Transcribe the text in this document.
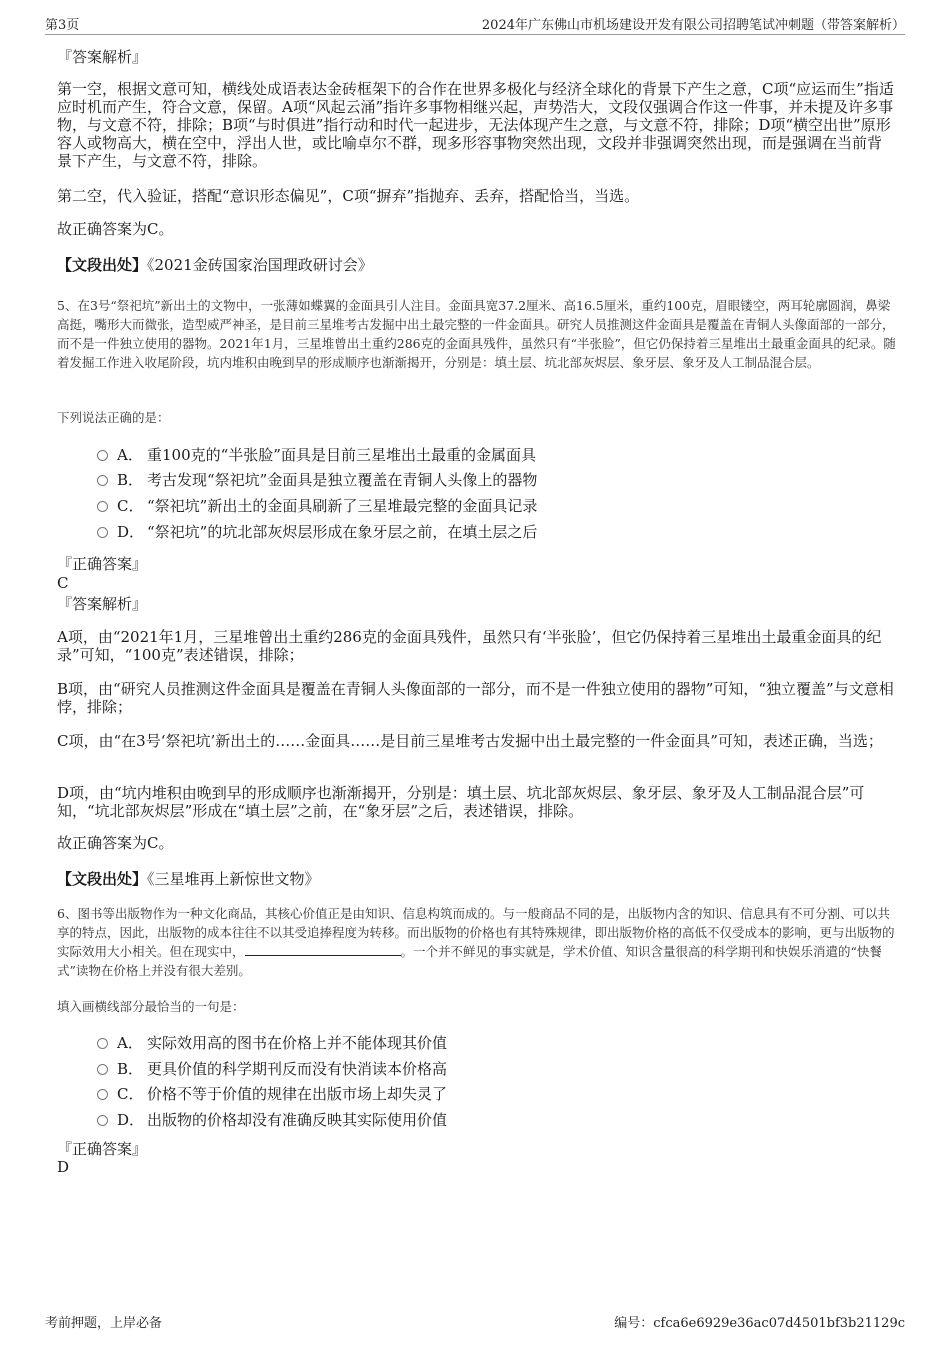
第3页	2024年广东佛山市机场建设开发有限公司招聘笔试冲刺题（带答案解析）

『答案解析』

第一空，根据文意可知，横线处成语表达金砖框架下的合作在世界多极化与经济全球化的背景下产生之意，C项“应运而生”指适应时机而产生，符合文意，保留。A项“风起云涌”指许多事物相继兴起，声势浩大，文段仅强调合作这一件事，并未提及许多事物，与文意不符，排除；B项“与时俱进”指行动和时代一起进步，无法体现产生之意，与文意不符，排除；D项“横空出世”原形容人或物高大，横在空中，浮出人世，或比喻卓尔不群，现多形容事物突然出现，文段并非强调突然出现，而是强调在当前背景下产生，与文意不符，排除。

第二空，代入验证，搭配“意识形态偏见”，C项“摒弃”指抛弃、丢弃，搭配恰当，当选。

故正确答案为C。

【文段出处】《2021金砖国家治国理政研讨会》

5、在3号“祭祀坑”新出土的文物中，一张薄如蝶翼的金面具引人注目。金面具宽37.2厘米、高16.5厘米，重约100克，眉眼镂空，两耳轮廓圆润，鼻梁高挺，嘴形大而微张，造型威严神圣，是目前三星堆考古发掘中出土最完整的一件金面具。研究人员推测这件金面具是覆盖在青铜人头像面部的一部分，而不是一件独立使用的器物。2021年1月，三星堆曾出土重约286克的金面具残件，虽然只有“半张脸”，但它仍保持着三星堆出土最重金面具的纪录。随着发掘工作进入收尾阶段，坑内堆积由晚到早的形成顺序也渐渐揭开，分别是：填土层、坑北部灰烬层、象牙层、象牙及人工制品混合层。

下列说法正确的是：

A． 重100克的“半张脸”面具是目前三星堆出土最重的金属面具
B． 考古发现“祭祀坑”金面具是独立覆盖在青铜人头像上的器物
C． “祭祀坑”新出土的金面具刷新了三星堆最完整的金面具记录
D． “祭祀坑”的坑北部灰烬层形成在象牙层之前，在填土层之后

『正确答案』

C

『答案解析』

A项，由“2021年1月，三星堆曾出土重约286克的金面具残件，虽然只有‘半张脸’，但它仍保持着三星堆出土最重金面具的纪录”可知，“100克”表述错误，排除；

B项，由“研究人员推测这件金面具是覆盖在青铜人头像面部的一部分，而不是一件独立使用的器物”可知，“独立覆盖”与文意相悖，排除；

C项，由“在3号‘祭祀坑’新出土的……金面具……是目前三星堆考古发掘中出土最完整的一件金面具”可知，表述正确，当选；

D项，由“坑内堆积由晚到早的形成顺序也渐渐揭开，分别是：填土层、坑北部灰烬层、象牙层、象牙及人工制品混合层”可知，“坑北部灰烬层”形成在“填土层”之前，在“象牙层”之后，表述错误，排除。

故正确答案为C。

【文段出处】《三星堆再上新惊世文物》

6、图书等出版物作为一种文化商品，其核心价值正是由知识、信息构筑而成的。与一般商品不同的是，出版物内含的知识、信息具有不可分割、可以共享的特点，因此，出版物的成本往往不以其受追捧程度为转移。而出版物的价格也有其特殊规律，即出版物价格的高低不仅受成本的影响，更与出版物的实际效用大小相关。但在现实中，	。一个并不鲜见的事实就是，学术价值、知识含量很高的科学期刊和快娱乐消遣的“快餐式”读物在价格上并没有很大差别。

填入画横线部分最恰当的一句是：

A． 实际效用高的图书在价格上并不能体现其价值
B． 更具价值的科学期刊反而没有快消读本价格高
C． 价格不等于价值的规律在出版市场上却失灵了
D． 出版物的价格却没有准确反映其实际使用价值

『正确答案』

D

考前押题，上岸必备	编号：cfca6e6929e36ac07d4501bf3b21129c
